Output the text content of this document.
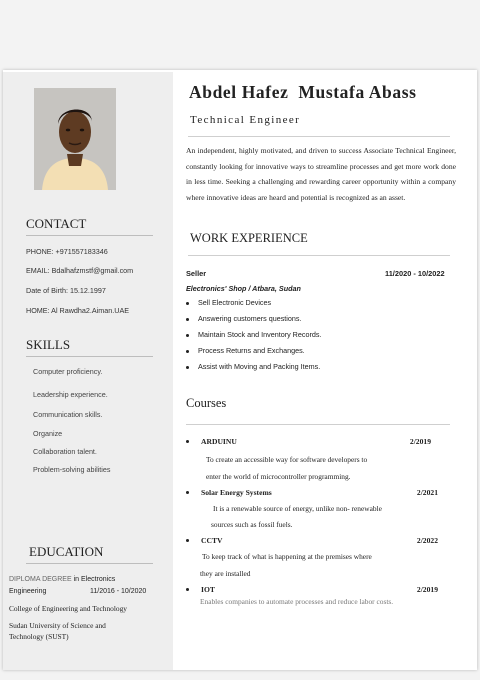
CONTACT
PHONE: +971557183346
EMAIL: Bdalhafzmstf@gmail.com
Date of Birth: 15.12.1997
HOME: Al Rawdha2.Aiman.UAE
SKILLS
Computer proficiency.
Leadership experience.
Communication skills.
Organize
Collaboration talent.
Problem-solving abilities
EDUCATION
DIPLOMA DEGREE in Electronics
Engineering	11/2016 - 10/2020
College of Engineering and Technology
Sudan University of Science and
Technology (SUST)
Abdel Hafez  Mustafa Abass
Technical Engineer
An independent, highly motivated, and driven to success Associate Technical Engineer, constantly looking for innovative ways to streamline processes and get more work done in less time. Seeking a challenging and rewarding career opportunity within a company where innovative ideas are heard and potential is recognized as an asset.
WORK EXPERIENCE
Seller	11/2020 - 10/2022
Electronics' Shop / Atbara, Sudan
Sell Electronic Devices
Answering customers questions.
Maintain Stock and Inventory Records.
Process Returns and Exchanges.
Assist with Moving and Packing Items.
Courses
ARDUINU	2/2019
To create an accessible way for software developers to
enter the world of microcontroller programming.
Solar Energy Systems	2/2021
It is a renewable source of energy, unlike non- renewable
sources such as fossil fuels.
CCTV	2/2022
To keep track of what is happening at the premises where
they are installed
IOT	2/2019
Enables companies to automate processes and reduce labor costs.
